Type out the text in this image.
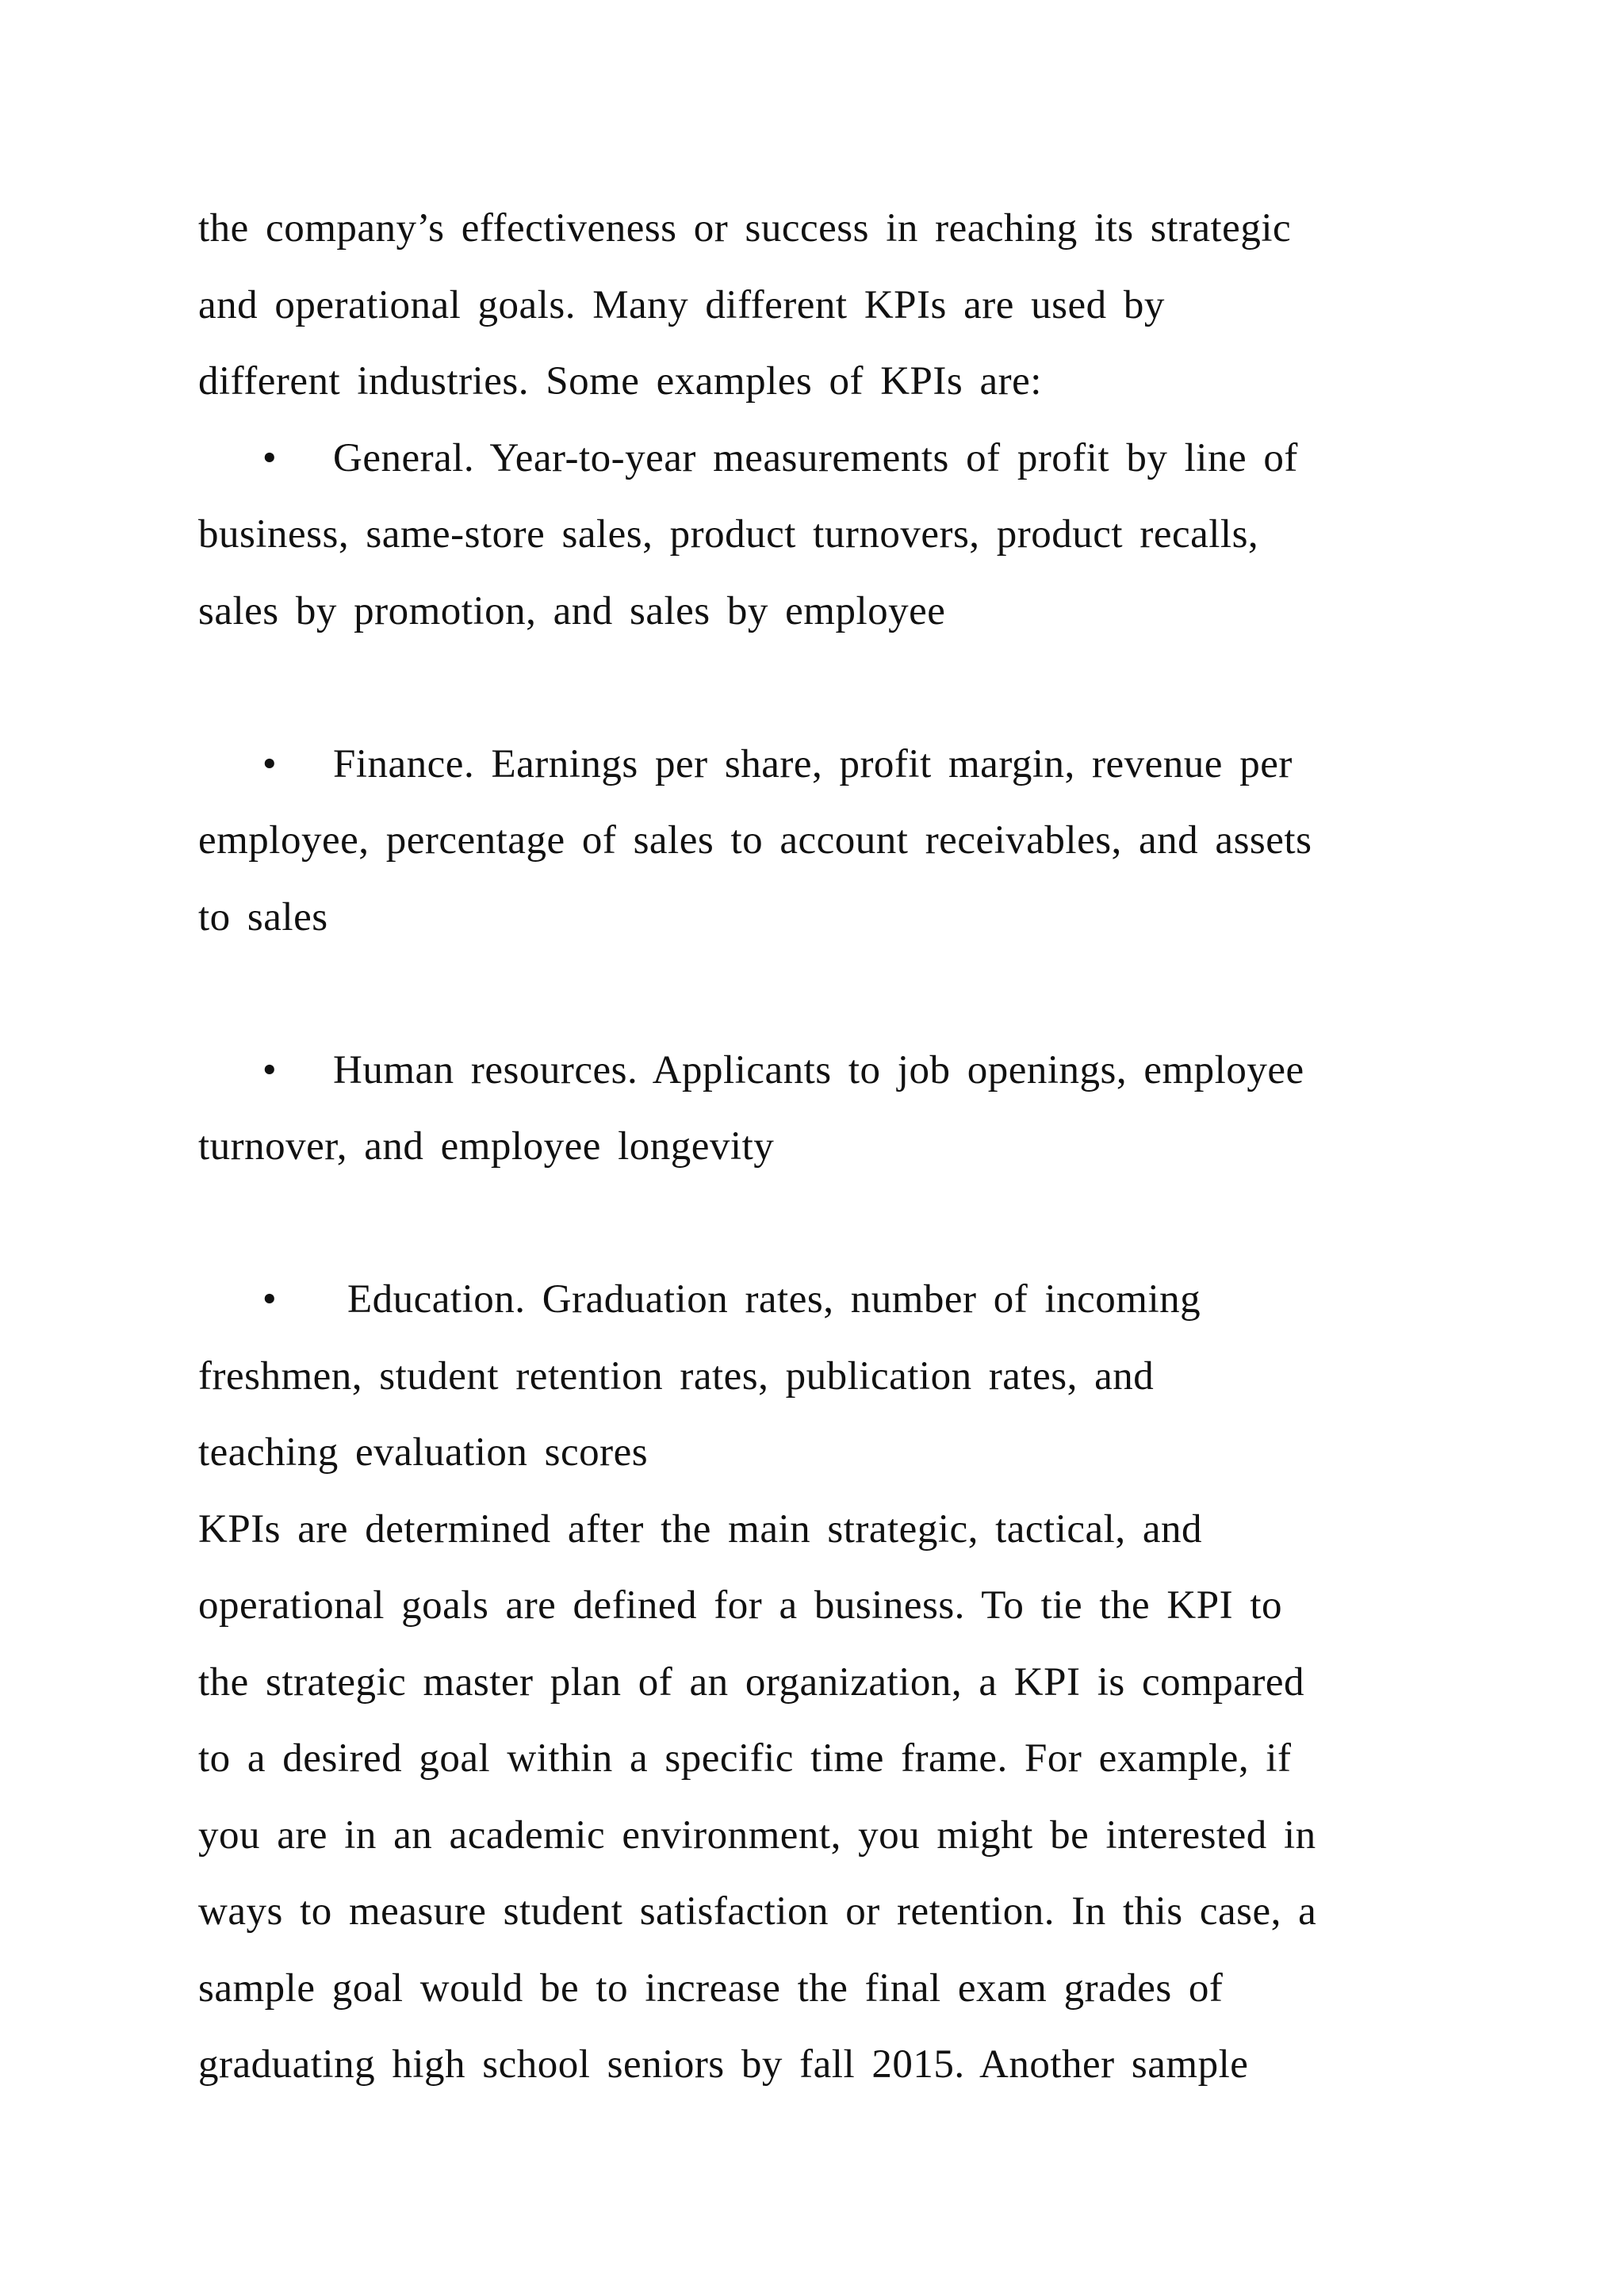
the company’s effectiveness or success in reaching its strategic
and operational goals. Many different KPIs are used by
different industries. Some examples of KPIs are:
•	General. Year-to-year measurements of profit by line of
business, same-store sales, product turnovers, product recalls,
sales by promotion, and sales by employee
•	Finance. Earnings per share, profit margin, revenue per
employee, percentage of sales to account receivables, and assets
to sales
•	Human resources. Applicants to job openings, employee
turnover, and employee longevity
•	Education. Graduation rates, number of incoming
freshmen, student retention rates, publication rates, and
teaching evaluation scores
KPIs are determined after the main strategic, tactical, and
operational goals are defined for a business. To tie the KPI to
the strategic master plan of an organization, a KPI is compared
to a desired goal within a specific time frame. For example, if
you are in an academic environment, you might be interested in
ways to measure student satisfaction or retention. In this case, a
sample goal would be to increase the final exam grades of
graduating high school seniors by fall 2015. Another sample
